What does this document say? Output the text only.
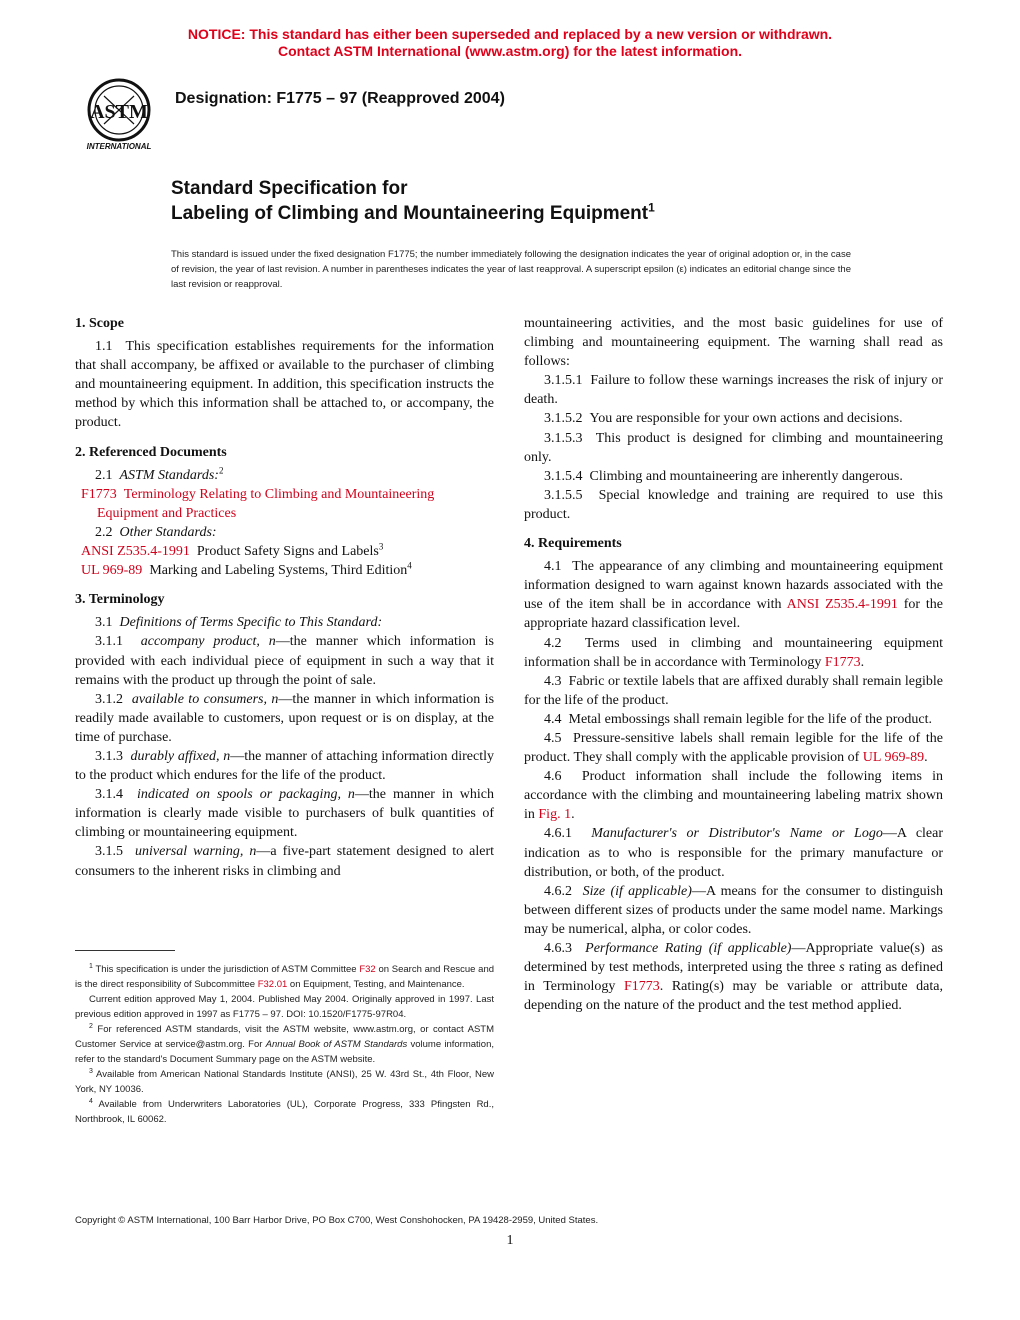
NOTICE: This standard has either been superseded and replaced by a new version or withdrawn.
Contact ASTM International (www.astm.org) for the latest information.
ASTM
INTERNATIONAL
Designation: F1775 – 97 (Reapproved 2004)
Standard Specification for
Labeling of Climbing and Mountaineering Equipment$^1$
This standard is issued under the fixed designation F1775; the number immediately following the designation indicates the year of original adoption or, in the case of revision, the year of last revision. A number in parentheses indicates the year of last reapproval. A superscript epsilon (ε) indicates an editorial change since the last revision or reapproval.

1. Scope

1.1 This specification establishes requirements for the information that shall accompany, be affixed or available to the purchaser of climbing and mountaineering equipment. In addition, this specification instructs the method by which this information shall be attached to, or accompany, the product.

2. Referenced Documents

2.1 ASTM Standards:$^2$

F1773 Terminology Relating to Climbing and Mountaineering Equipment and Practices

2.2 Other Standards:

ANSI Z535.4-1991 Product Safety Signs and Labels$^3$

UL 969-89 Marking and Labeling Systems, Third Edition$^4$

3. Terminology

3.1 Definitions of Terms Specific to This Standard:

3.1.1 accompany product, n—the manner which information is provided with each individual piece of equipment in such a way that it remains with the product up through the point of sale.

3.1.2 available to consumers, n—the manner in which information is readily made available to customers, upon request or is on display, at the time of purchase.

3.1.3 durably affixed, n—the manner of attaching information directly to the product which endures for the life of the product.

3.1.4 indicated on spools or packaging, n—the manner in which information is clearly made visible to purchasers of bulk quantities of climbing or mountaineering equipment.

3.1.5 universal warning, n—a five-part statement designed to alert consumers to the inherent risks in climbing and

$^1$ This specification is under the jurisdiction of ASTM Committee F32 on Search and Rescue and is the direct responsibility of Subcommittee F32.01 on Equipment, Testing, and Maintenance.

Current edition approved May 1, 2004. Published May 2004. Originally approved in 1997. Last previous edition approved in 1997 as F1775 – 97. DOI: 10.1520/F1775-97R04.

$^2$ For referenced ASTM standards, visit the ASTM website, www.astm.org, or contact ASTM Customer Service at service@astm.org. For Annual Book of ASTM Standards volume information, refer to the standard's Document Summary page on the ASTM website.

$^3$ Available from American National Standards Institute (ANSI), 25 W. 43rd St., 4th Floor, New York, NY 10036.

$^4$ Available from Underwriters Laboratories (UL), Corporate Progress, 333 Pfingsten Rd., Northbrook, IL 60062.

mountaineering activities, and the most basic guidelines for use of climbing and mountaineering equipment. The warning shall read as follows:

3.1.5.1 Failure to follow these warnings increases the risk of injury or death.

3.1.5.2 You are responsible for your own actions and decisions.

3.1.5.3 This product is designed for climbing and mountaineering only.

3.1.5.4 Climbing and mountaineering are inherently dangerous.

3.1.5.5 Special knowledge and training are required to use this product.

4. Requirements

4.1 The appearance of any climbing and mountaineering equipment information designed to warn against known hazards associated with the use of the item shall be in accordance with ANSI Z535.4-1991 for the appropriate hazard classification level.

4.2 Terms used in climbing and mountaineering equipment information shall be in accordance with Terminology F1773.

4.3 Fabric or textile labels that are affixed durably shall remain legible for the life of the product.

4.4 Metal embossings shall remain legible for the life of the product.

4.5 Pressure-sensitive labels shall remain legible for the life of the product. They shall comply with the applicable provision of UL 969-89.

4.6 Product information shall include the following items in accordance with the climbing and mountaineering labeling matrix shown in Fig. 1.

4.6.1 Manufacturer's or Distributor's Name or Logo—A clear indication as to who is responsible for the primary manufacture or distribution, or both, of the product.

4.6.2 Size (if applicable)—A means for the consumer to distinguish between different sizes of products under the same model name. Markings may be numerical, alpha, or color codes.

4.6.3 Performance Rating (if applicable)—Appropriate value(s) as determined by test methods, interpreted using the three s rating as defined in Terminology F1773. Rating(s) may be variable or attribute data, depending on the nature of the product and the test method applied.

Copyright © ASTM International, 100 Barr Harbor Drive, PO Box C700, West Conshohocken, PA 19428-2959, United States.
1
